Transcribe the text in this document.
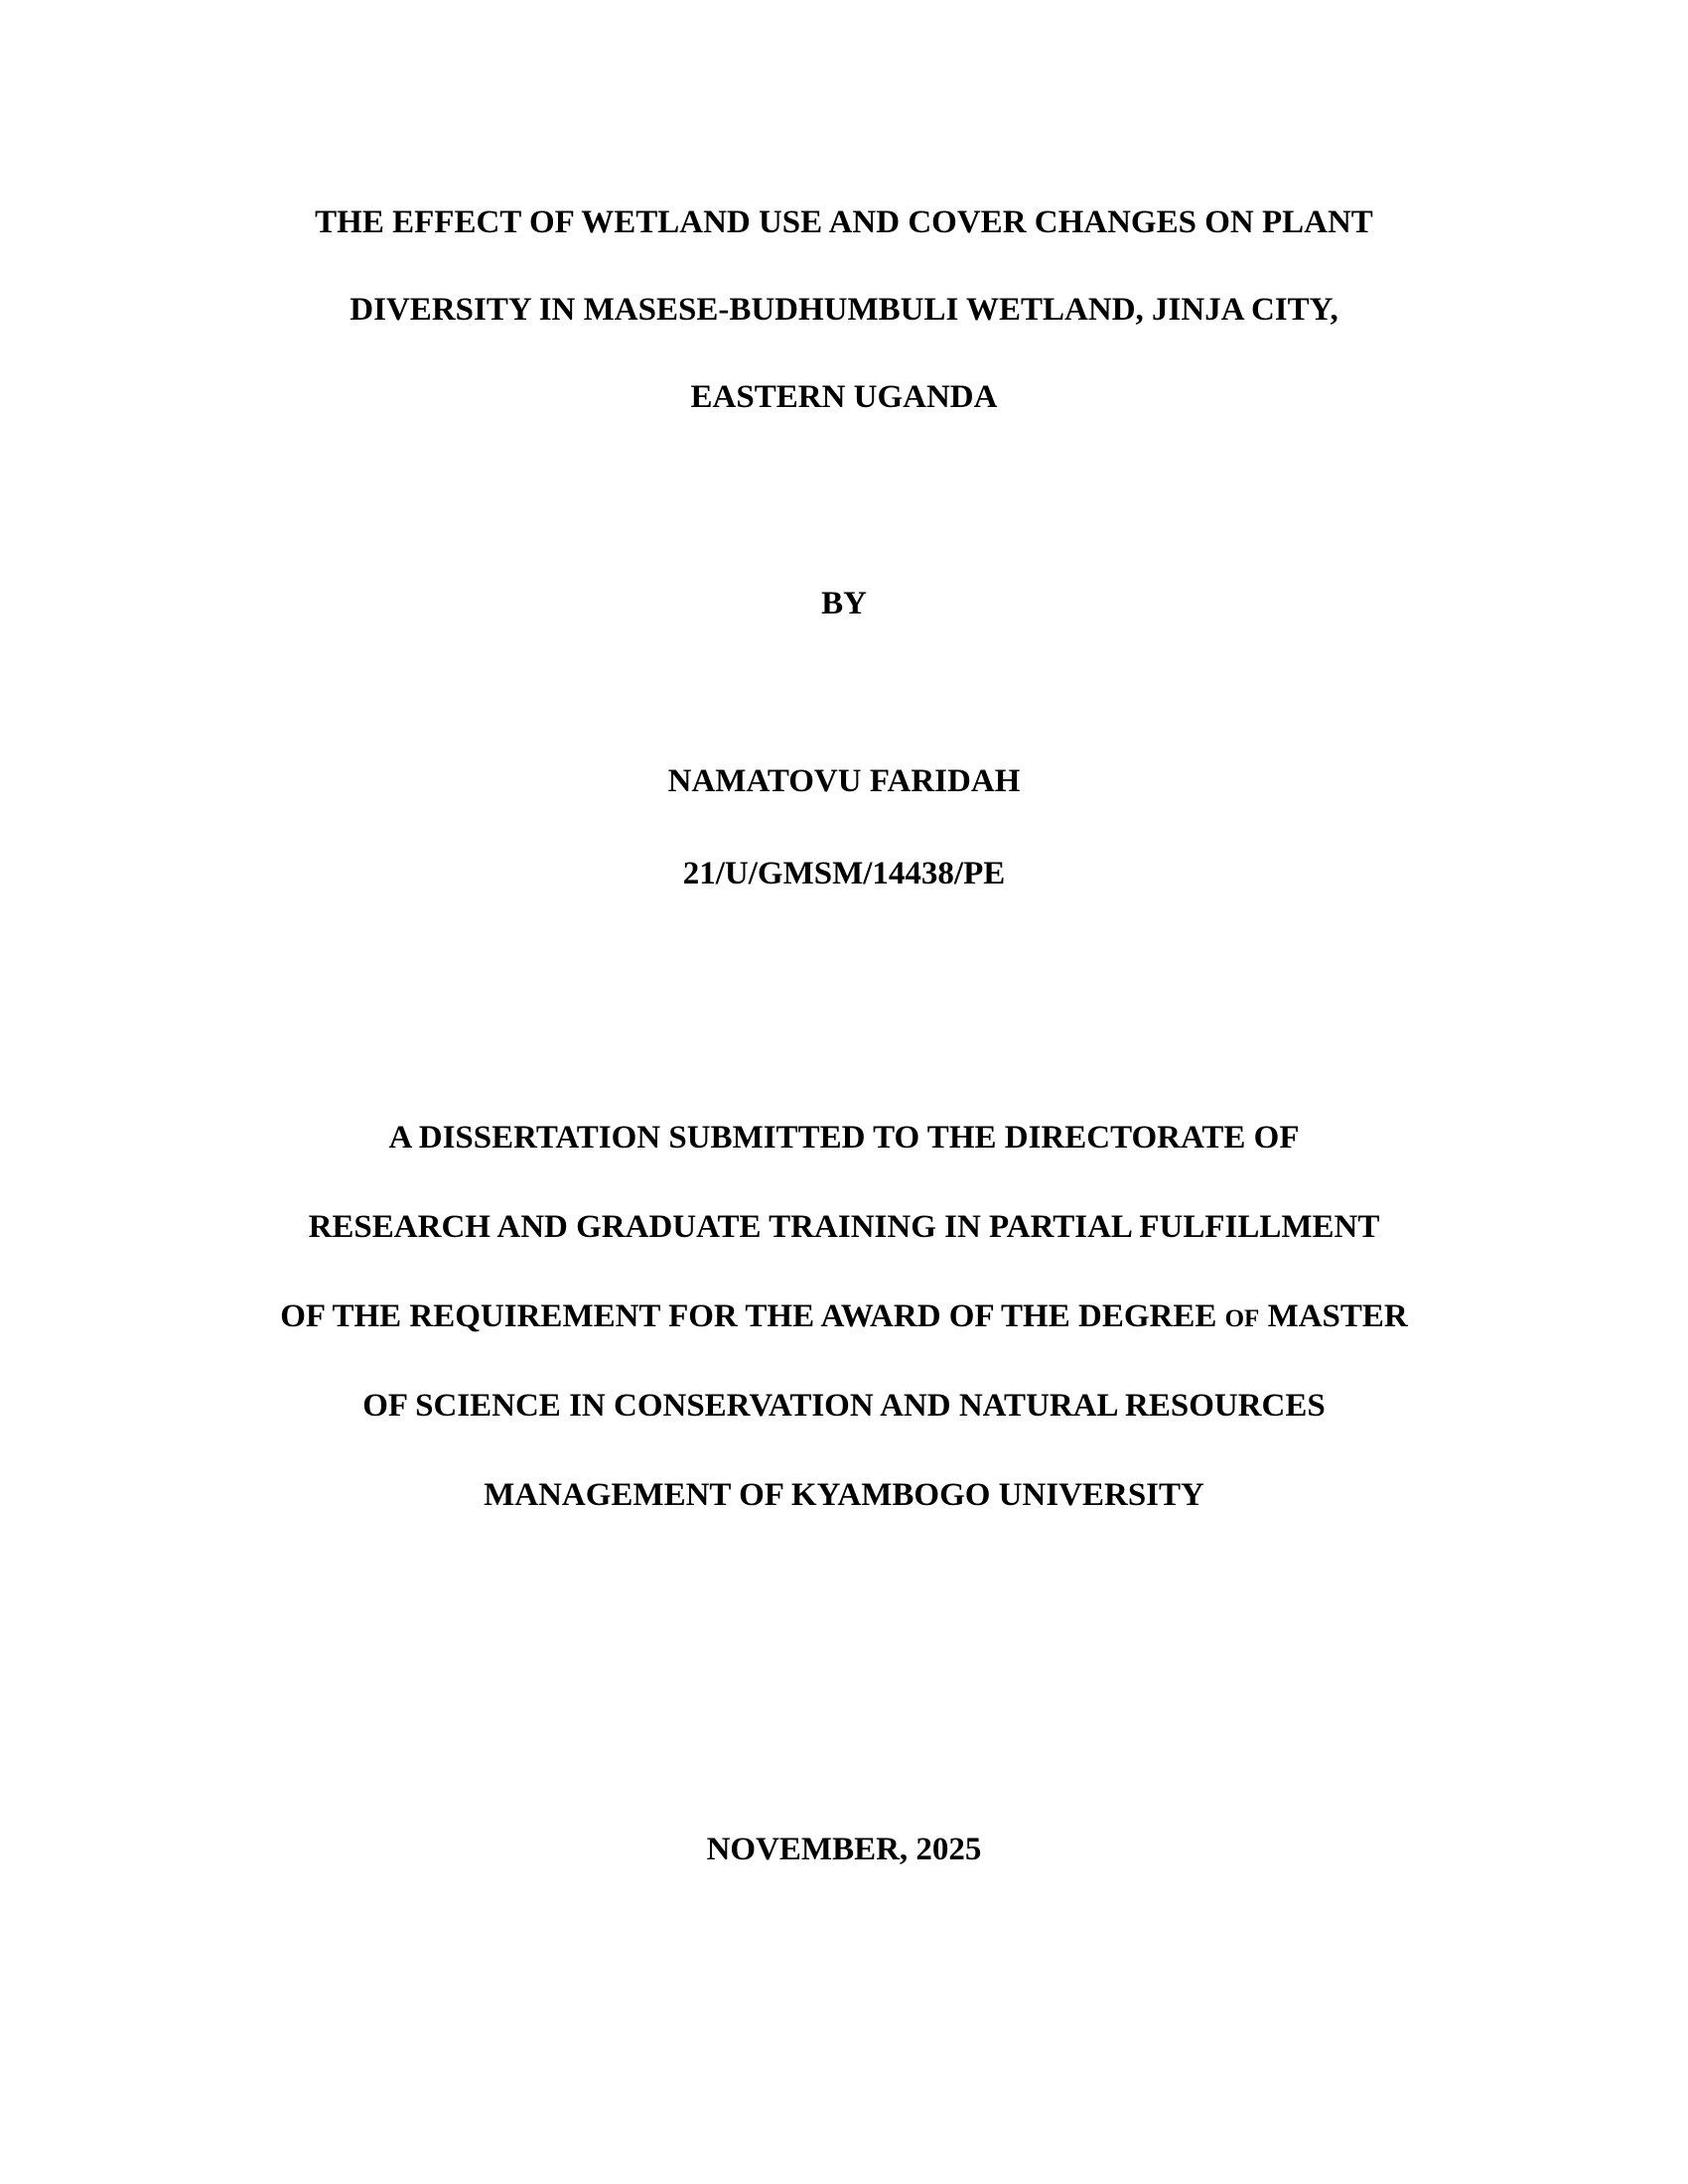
THE EFFECT OF WETLAND USE AND COVER CHANGES ON PLANT

DIVERSITY IN MASESE-BUDHUMBULI WETLAND, JINJA CITY,

EASTERN UGANDA

BY

NAMATOVU FARIDAH

21/U/GMSM/14438/PE

A DISSERTATION SUBMITTED TO THE DIRECTORATE OF

RESEARCH AND GRADUATE TRAINING IN PARTIAL FULFILLMENT

OF THE REQUIREMENT FOR THE AWARD OF THE DEGREE OF MASTER

OF SCIENCE IN CONSERVATION AND NATURAL RESOURCES

MANAGEMENT OF KYAMBOGO UNIVERSITY

NOVEMBER, 2025
